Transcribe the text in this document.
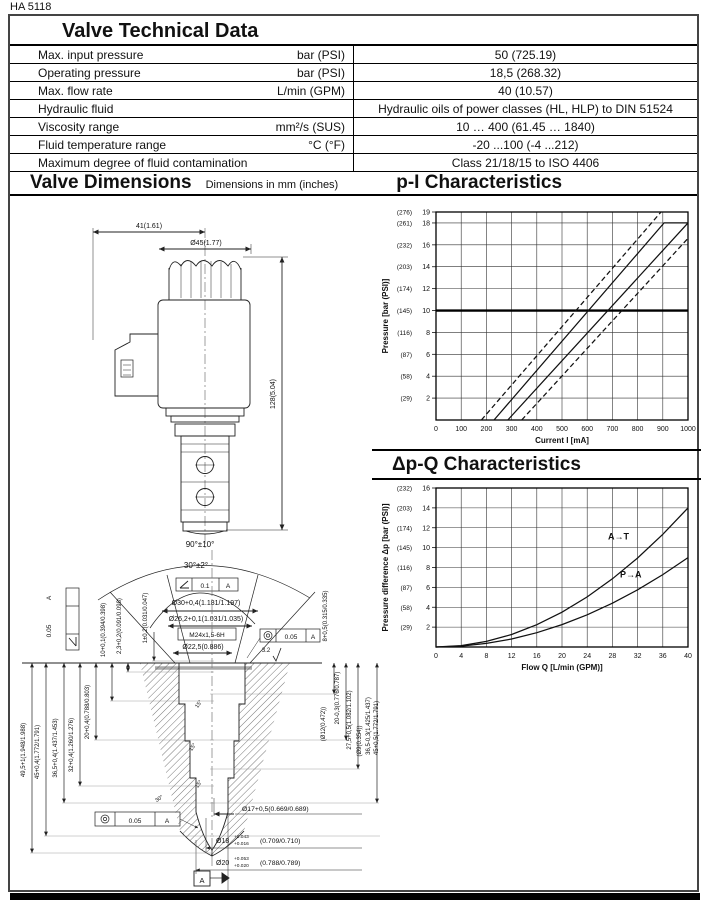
HA 5118
Valve Technical Data
Max. input pressure	bar (PSI)	50 (725.19)
Operating pressure	bar (PSI)	18,5 (268.32)
Max. flow rate	L/min (GPM)	40 (10.57)
Hydraulic fluid	Hydraulic oils of power classes (HL, HLP) to DIN 51524
Viscosity range	mm²/s (SUS)	10 … 400 (61.45 … 1840)
Fluid temperature range	°C (°F)	-20 ...100 (-4 ...212)
Maximum degree of fluid contamination	Class 21/18/15 to ISO 4406
Valve Dimensions Dimensions in mm (inches)	p-I Characteristics
Δp-Q Characteristics
0 100 200 300 400 500 600 700 800 900 1000
2
(29)
4
(58)
6
(87)
8
(116)
10
(145)
12
(174)
14
(203)
16
(232)
18
(261)
19
(276)
Current I [mA]
Pressure [bar (PSI)]
0	4	8	12 16 20 24 28 32 36 40
2
(29)
4
(58)
6
(87)
8
(116)
10
(145)
12
(174)
14
(203)
16
(232)
A→T
P→A
Flow Q [L/min (GPM)]
Pressure difference Δp [bar (PSI)]
41(1.61)
Ø45(1.77)
128(5.04)
90°±10°
30°±2°
0.1	A
Ø30+0,4(1.181/1.197)
Ø26,2+0,1(1.031/1.035)
M24x1,5-6H	0.05 A
Ø22,5(0.886)	3.2
0.05
A
0.05	A
A
15°
15°
15°
30°
Ø17+0,5(0.669/0.689)
Ø18
+0.043
+0.016 (0.709/0.710)
Ø20
+0.053
+0.020 (0.788/0.789)
49,5+1(1.948/1.988) 45+0,4(1.772/1.791) 36,5+0,4(1.437/1.453) 32+0,4(1.260/1.276)
20+0,4(0.788/0.803)
10+0,1(0.394/0.398) 2,3+0,2(0.091/0.098)	1±0,2(0.031/0.047)	8+0,5(0.315/0.335)
20-0,3(0.776/0.787)
(Ø12(0.472))	27,5+0,5(1.082/1.102) (Ø9(0.354)) 36,5-0,3(1.425/1.437) 45+0,5(1.772/1.791)
